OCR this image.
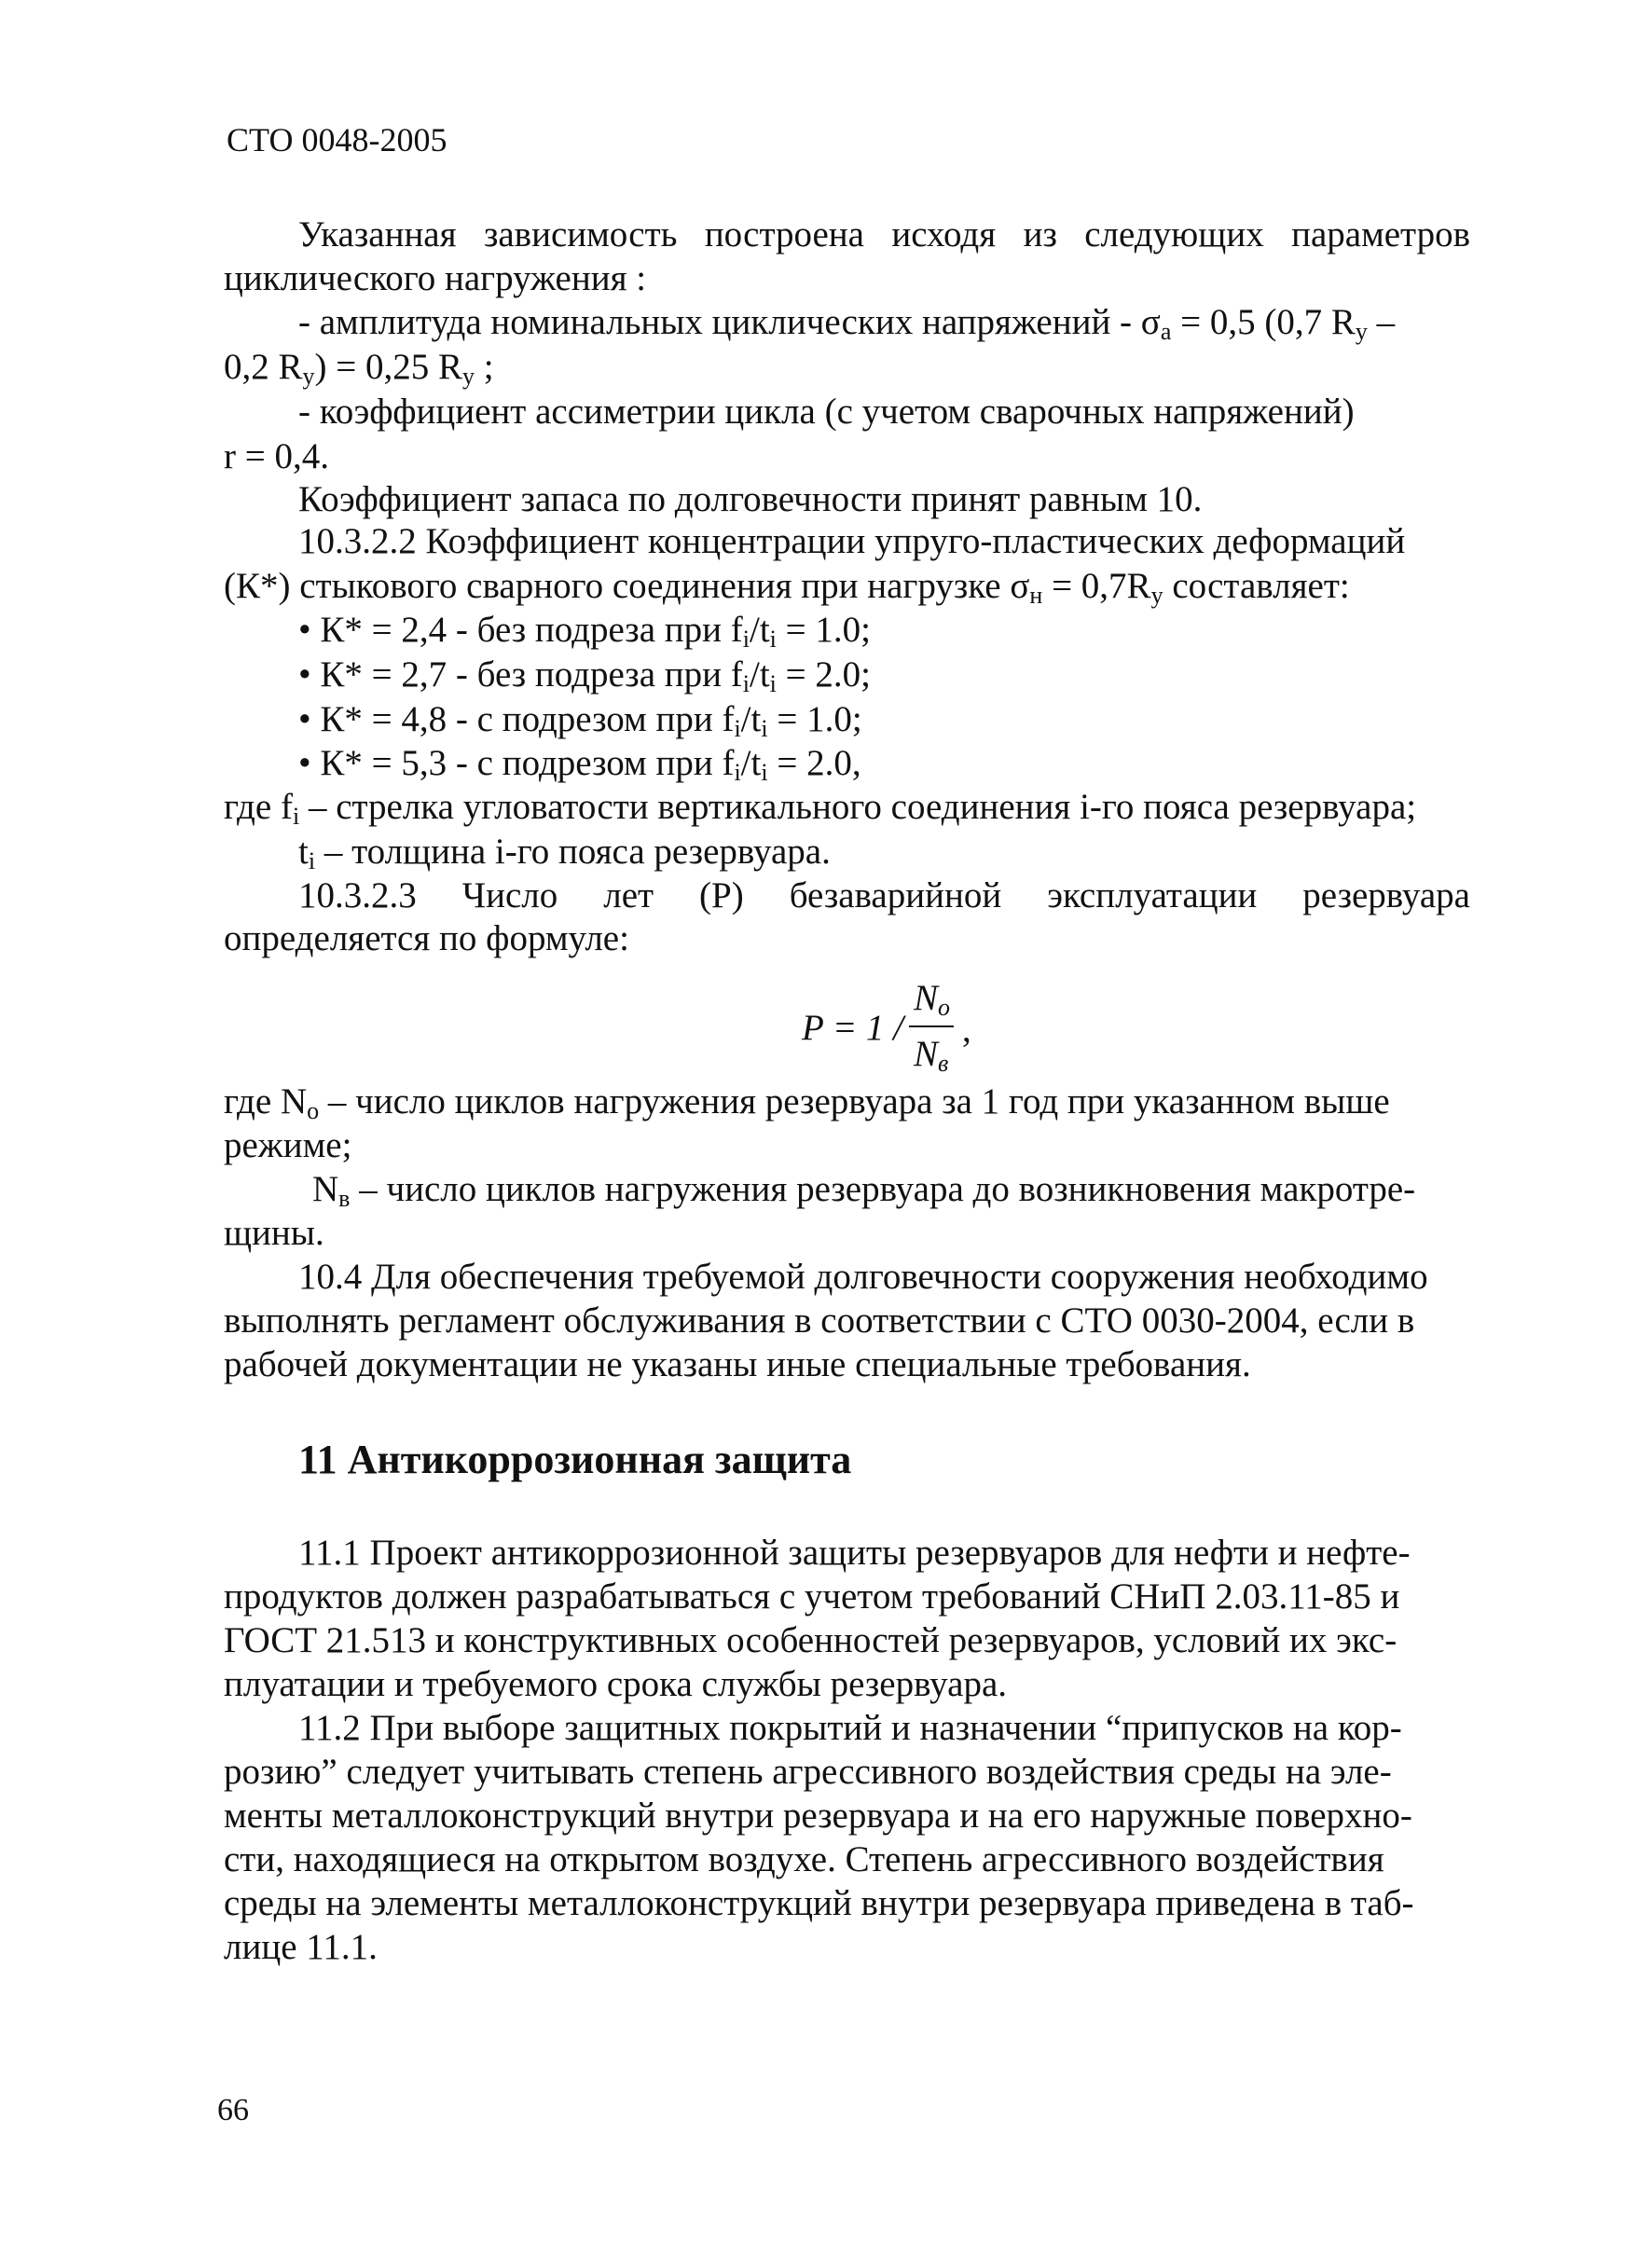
СТО 0048-2005
Указанная зависимость построена исходя из следующих параметров
циклического нагружения :
- амплитуда номинальных циклических напряжений - $\sigma_a = 0,5$ (0,7 $R_y$ –
0,2 $R_y) = 0,25$ $R_y$ ;
- коэффициент ассиметрии цикла (с учетом сварочных напряжений)
r = 0,4.
Коэффициент запаса по долговечности принят равным 10.
10.3.2.2 Коэффициент концентрации упруго-пластических деформаций
(К*) стыкового сварного соединения при нагрузке $\sigma_н = 0,7R_y$ составляет:
• К* = 2,4 - без подреза при $f_i/t_i = 1.0$;
• К* = 2,7 - без подреза при $f_i/t_i = 2.0$;
• К* = 4,8 - с подрезом при $f_i/t_i = 1.0$;
• К* = 5,3 - с подрезом при $f_i/t_i = 2.0$,
где $f_i$ – стрелка угловатости вертикального соединения i-го пояса резервуара;
$t_i$ – толщина i-го пояса резервуара.
10.3.2.3 Число лет (Р) безаварийной эксплуатации резервуара
определяется по формуле:
P = 1 /
$N_o$
$N_в$
,
где $N_o$ – число циклов нагружения резервуара за 1 год при указанном выше
режиме;
$N_в$ – число циклов нагружения резервуара до возникновения макротре-
щины.
10.4 Для обеспечения требуемой долговечности сооружения необходимо
выполнять регламент обслуживания в соответствии с СТО 0030-2004, если в
рабочей документации не указаны иные специальные требования.
11 Антикоррозионная защита
11.1 Проект антикоррозионной защиты резервуаров для нефти и нефте-
продуктов должен разрабатываться с учетом требований СНиП 2.03.11-85 и
ГОСТ 21.513 и конструктивных особенностей резервуаров, условий их экс-
плуатации и требуемого срока службы резервуара.
11.2 При выборе защитных покрытий и назначении “припусков на кор-
розию” следует учитывать степень агрессивного воздействия среды на эле-
менты металлоконструкций внутри резервуара и на его наружные поверхно-
сти, находящиеся на открытом воздухе. Степень агрессивного воздействия
среды на элементы металлоконструкций внутри резервуара приведена в таб-
лице 11.1.
66
